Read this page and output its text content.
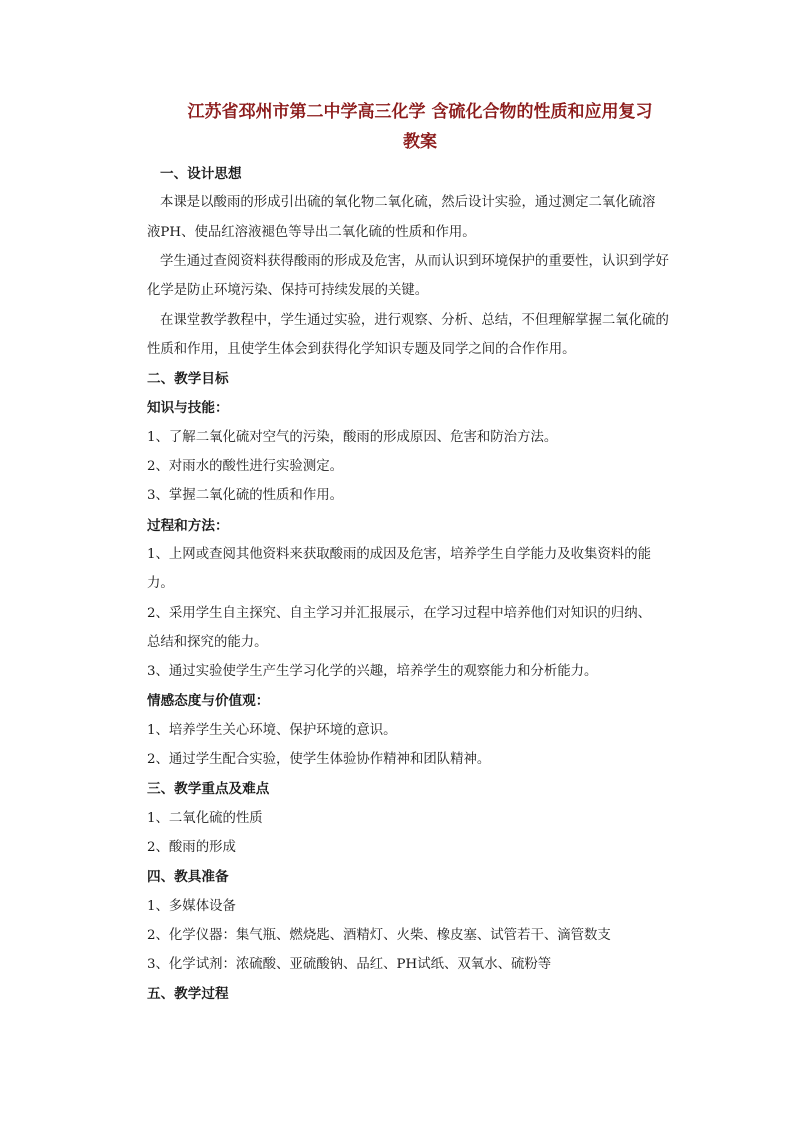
江苏省邳州市第二中学高三化学 含硫化合物的性质和应用复习
教案
一、设计思想
本课是以酸雨的形成引出硫的氧化物二氧化硫，然后设计实验，通过测定二氧化硫溶
液PH、使品红溶液褪色等导出二氧化硫的性质和作用。
学生通过查阅资料获得酸雨的形成及危害，从而认识到环境保护的重要性，认识到学好
化学是防止环境污染、保持可持续发展的关键。
在课堂教学教程中，学生通过实验，进行观察、分析、总结，不但理解掌握二氧化硫的
性质和作用，且使学生体会到获得化学知识专题及同学之间的合作作用。
二、教学目标
知识与技能：
1、了解二氧化硫对空气的污染，酸雨的形成原因、危害和防治方法。
2、对雨水的酸性进行实验测定。
3、掌握二氧化硫的性质和作用。
过程和方法：
1、上网或查阅其他资料来获取酸雨的成因及危害，培养学生自学能力及收集资料的能
力。
2、采用学生自主探究、自主学习并汇报展示，在学习过程中培养他们对知识的归纳、
总结和探究的能力。
3、通过实验使学生产生学习化学的兴趣，培养学生的观察能力和分析能力。
情感态度与价值观：
1、培养学生关心环境、保护环境的意识。
2、通过学生配合实验，使学生体验协作精神和团队精神。
三、教学重点及难点
1、二氧化硫的性质
2、酸雨的形成
四、教具准备
1、多媒体设备
2、化学仪器：集气瓶、燃烧匙、酒精灯、火柴、橡皮塞、试管若干、滴管数支
3、化学试剂：浓硫酸、亚硫酸钠、品红、PH试纸、双氧水、硫粉等
五、教学过程
